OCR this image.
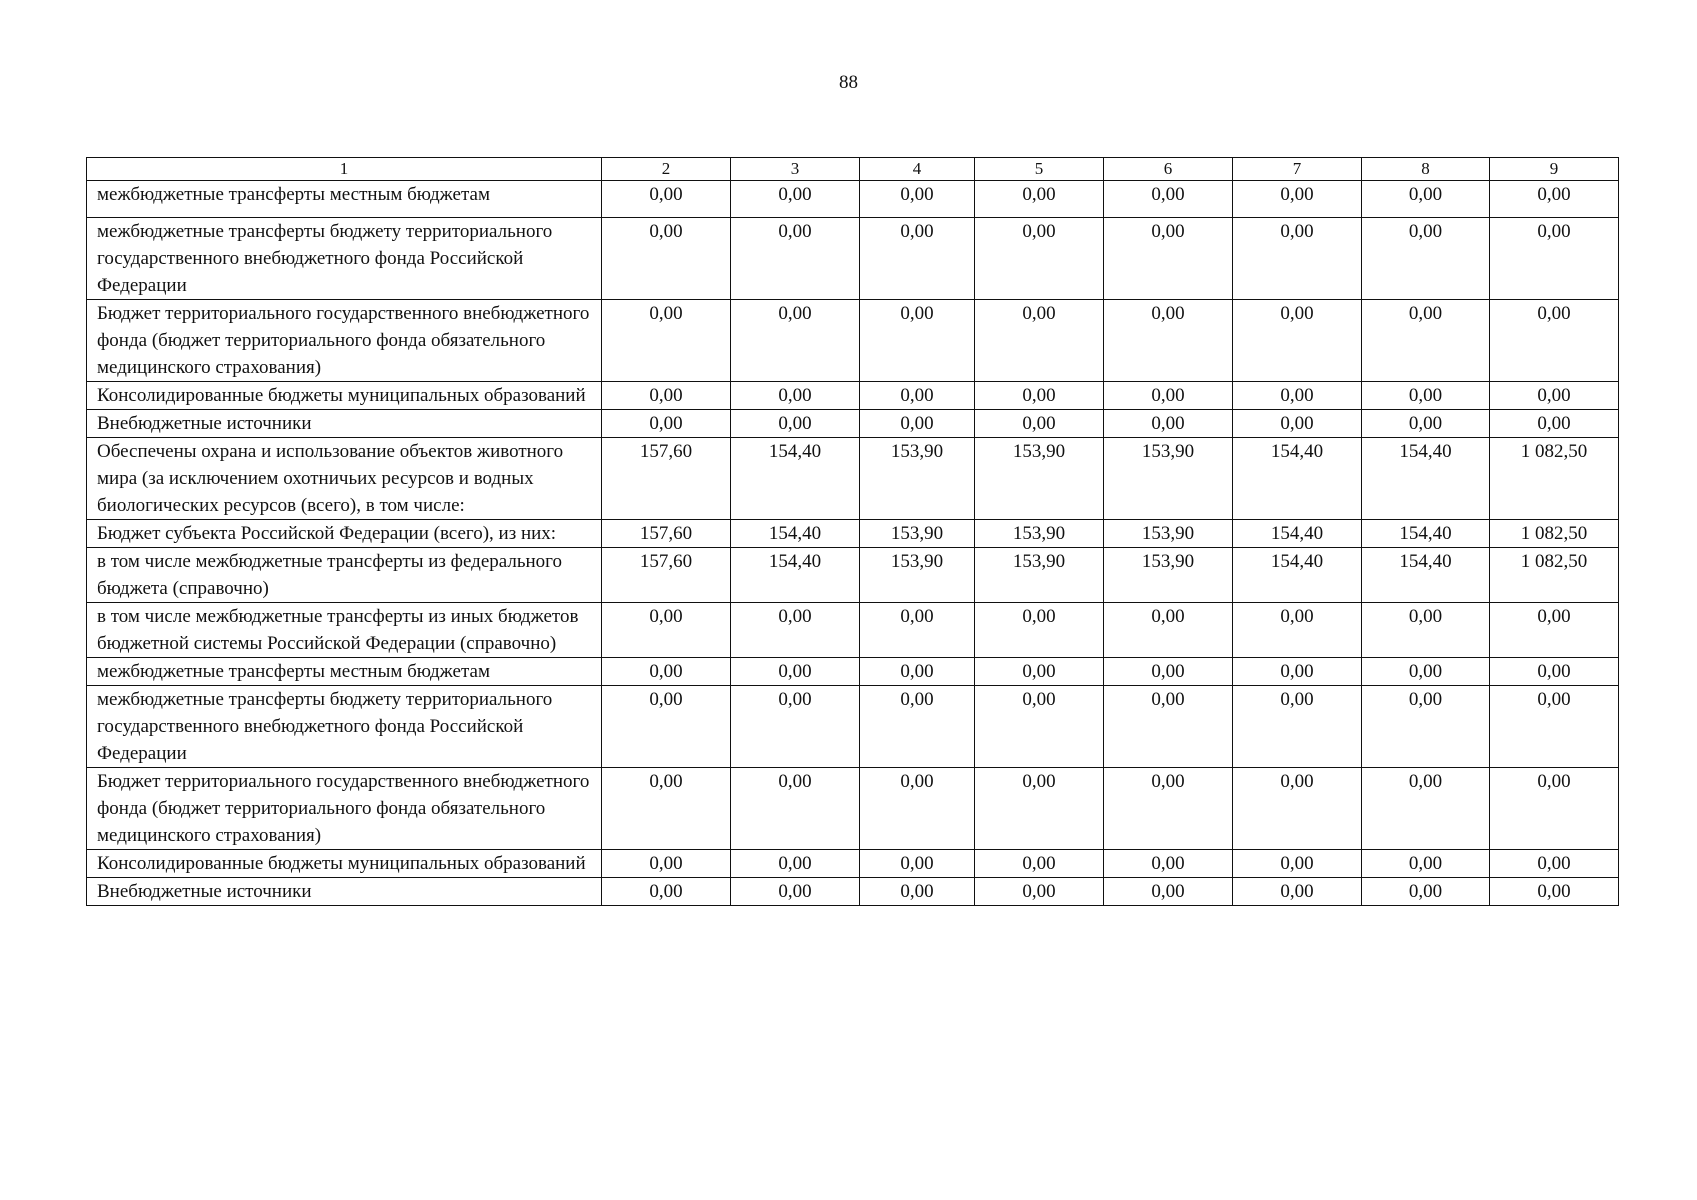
88
1	2	3	4	5	6	7	8	9
межбюджетные трансферты местным бюджетам	0,00	0,00	0,00	0,00	0,00	0,00	0,00	0,00
межбюджетные трансферты бюджету территориального государственного внебюджетного фонда Российской Федерации	0,00	0,00	0,00	0,00	0,00	0,00	0,00	0,00
Бюджет территориального государственного внебюджетного фонда (бюджет территориального фонда обязательного медицинского страхования)	0,00	0,00	0,00	0,00	0,00	0,00	0,00	0,00
Консолидированные бюджеты муниципальных образований	0,00	0,00	0,00	0,00	0,00	0,00	0,00	0,00
Внебюджетные источники	0,00	0,00	0,00	0,00	0,00	0,00	0,00	0,00
Обеспечены охрана и использование объектов животного мира (за исключением охотничьих ресурсов и водных биологических ресурсов (всего), в том числе:	157,60	154,40	153,90	153,90	153,90	154,40	154,40	1 082,50
Бюджет субъекта Российской Федерации (всего), из них:	157,60	154,40	153,90	153,90	153,90	154,40	154,40	1 082,50
в том числе межбюджетные трансферты из федерального бюджета (справочно)	157,60	154,40	153,90	153,90	153,90	154,40	154,40	1 082,50
в том числе межбюджетные трансферты из иных бюджетов бюджетной системы Российской Федерации (справочно)	0,00	0,00	0,00	0,00	0,00	0,00	0,00	0,00
межбюджетные трансферты местным бюджетам	0,00	0,00	0,00	0,00	0,00	0,00	0,00	0,00
межбюджетные трансферты бюджету территориального государственного внебюджетного фонда Российской Федерации	0,00	0,00	0,00	0,00	0,00	0,00	0,00	0,00
Бюджет территориального государственного внебюджетного фонда (бюджет территориального фонда обязательного медицинского страхования)	0,00	0,00	0,00	0,00	0,00	0,00	0,00	0,00
Консолидированные бюджеты муниципальных образований	0,00	0,00	0,00	0,00	0,00	0,00	0,00	0,00
Внебюджетные источники	0,00	0,00	0,00	0,00	0,00	0,00	0,00	0,00
